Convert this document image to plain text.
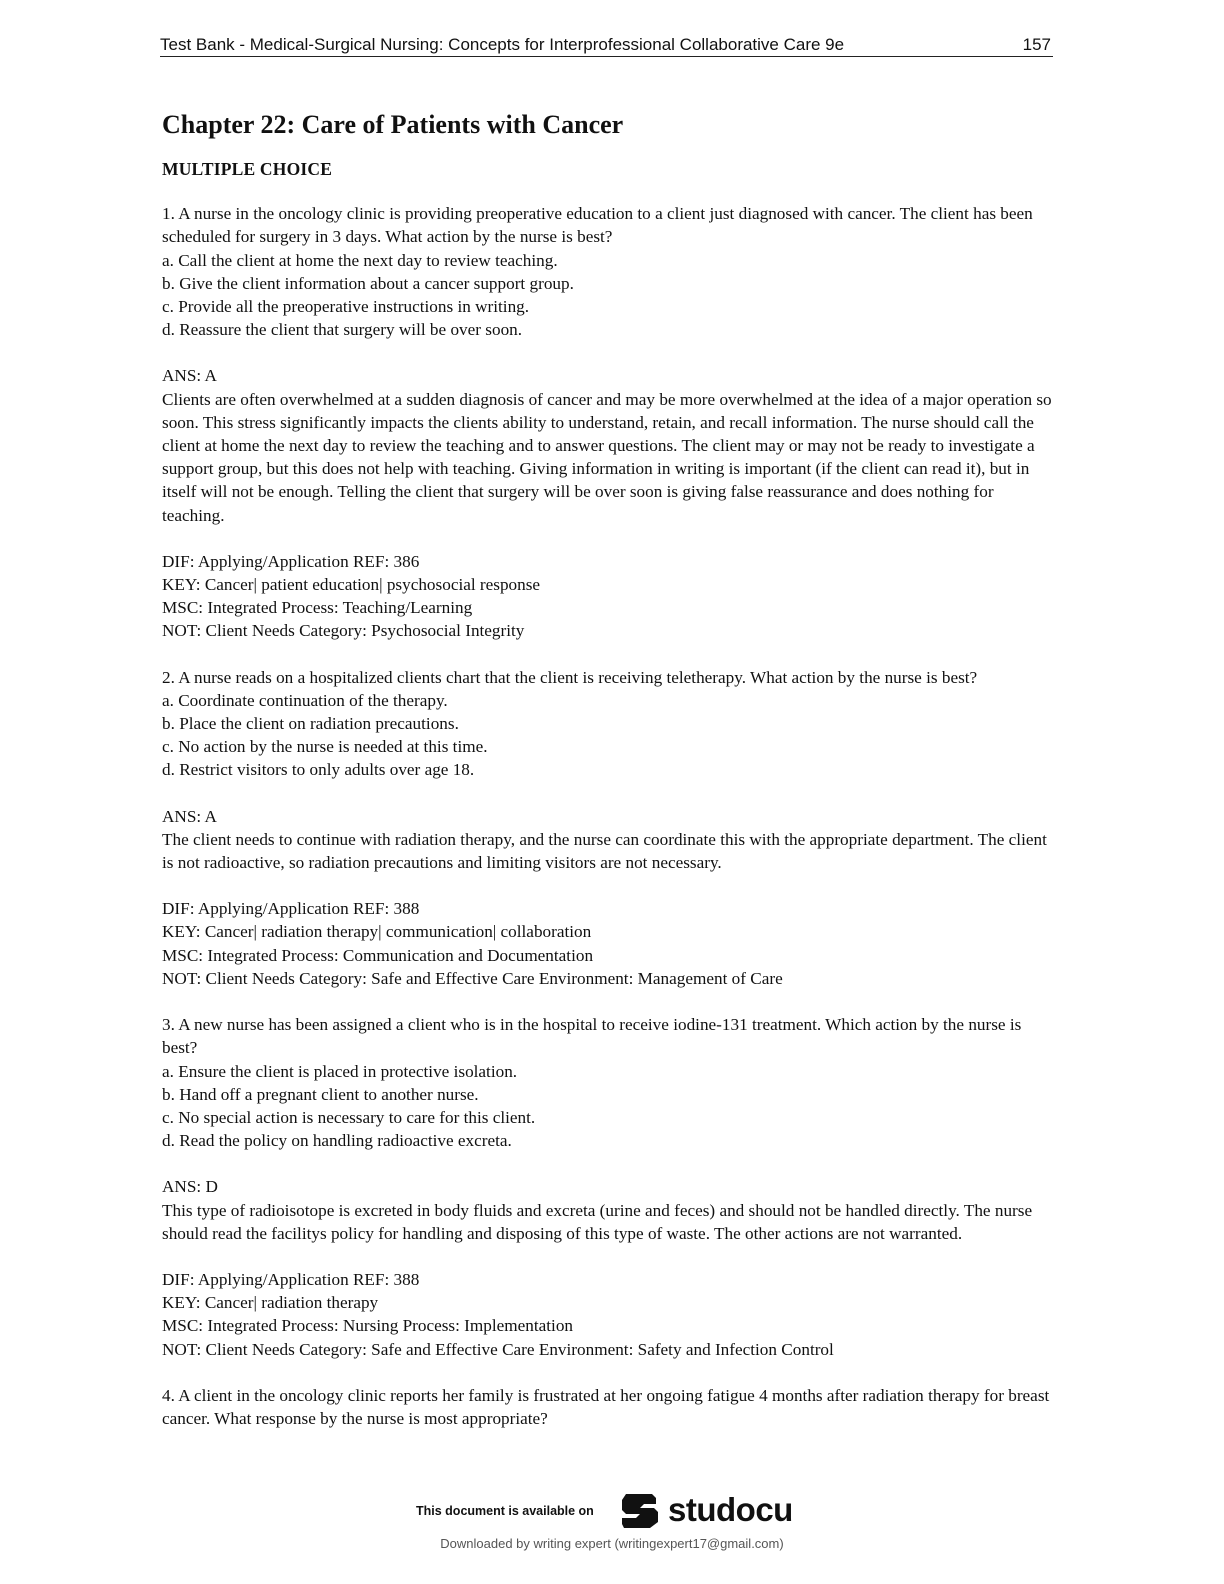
Test Bank - Medical-Surgical Nursing: Concepts for Interprofessional Collaborative Care 9e	157
Chapter 22: Care of Patients with Cancer
MULTIPLE CHOICE

1. A nurse in the oncology clinic is providing preoperative education to a client just diagnosed with cancer. The client has been scheduled for surgery in 3 days. What action by the nurse is best?

a. Call the client at home the next day to review teaching.

b. Give the client information about a cancer support group.

c. Provide all the preoperative instructions in writing.

d. Reassure the client that surgery will be over soon.

ANS: A

Clients are often overwhelmed at a sudden diagnosis of cancer and may be more overwhelmed at the idea of a major operation so soon. This stress significantly impacts the clients ability to understand, retain, and recall information. The nurse should call the client at home the next day to review the teaching and to answer questions. The client may or may not be ready to investigate a support group, but this does not help with teaching. Giving information in writing is important (if the client can read it), but in itself will not be enough. Telling the client that surgery will be over soon is giving false reassurance and does nothing for teaching.

DIF: Applying/Application REF: 386

KEY: Cancer| patient education| psychosocial response

MSC: Integrated Process: Teaching/Learning

NOT: Client Needs Category: Psychosocial Integrity

2. A nurse reads on a hospitalized clients chart that the client is receiving teletherapy. What action by the nurse is best?

a. Coordinate continuation of the therapy.

b. Place the client on radiation precautions.

c. No action by the nurse is needed at this time.

d. Restrict visitors to only adults over age 18.

ANS: A

The client needs to continue with radiation therapy, and the nurse can coordinate this with the appropriate department. The client is not radioactive, so radiation precautions and limiting visitors are not necessary.

DIF: Applying/Application REF: 388

KEY: Cancer| radiation therapy| communication| collaboration

MSC: Integrated Process: Communication and Documentation

NOT: Client Needs Category: Safe and Effective Care Environment: Management of Care

3. A new nurse has been assigned a client who is in the hospital to receive iodine-131 treatment. Which action by the nurse is best?

a. Ensure the client is placed in protective isolation.

b. Hand off a pregnant client to another nurse.

c. No special action is necessary to care for this client.

d. Read the policy on handling radioactive excreta.

ANS: D

This type of radioisotope is excreted in body fluids and excreta (urine and feces) and should not be handled directly. The nurse should read the facilitys policy for handling and disposing of this type of waste. The other actions are not warranted.

DIF: Applying/Application REF: 388

KEY: Cancer| radiation therapy

MSC: Integrated Process: Nursing Process: Implementation

NOT: Client Needs Category: Safe and Effective Care Environment: Safety and Infection Control

4. A client in the oncology clinic reports her family is frustrated at her ongoing fatigue 4 months after radiation therapy for breast cancer. What response by the nurse is most appropriate?

This document is available on studocu
Downloaded by writing expert (writingexpert17@gmail.com)
